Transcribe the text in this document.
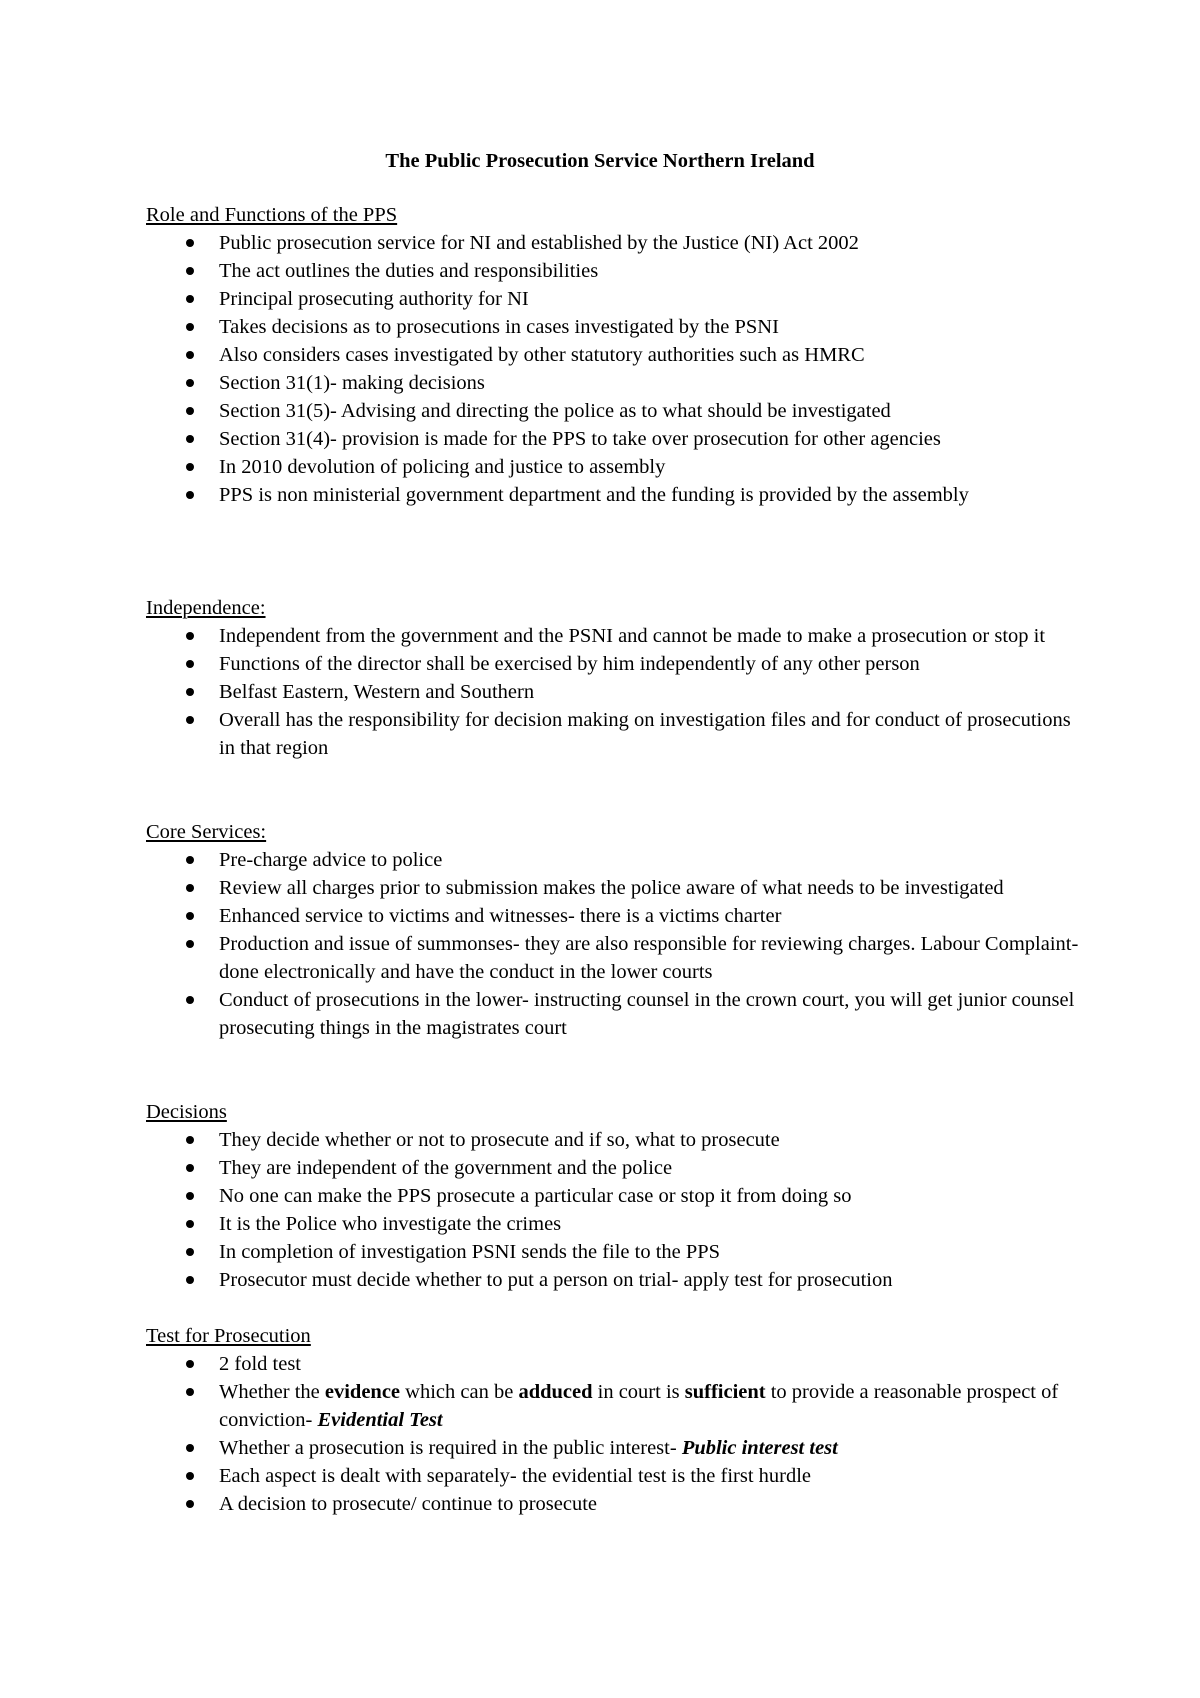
The Public Prosecution Service Northern Ireland
Role and Functions of the PPS
Public prosecution service for NI and established by the Justice (NI) Act 2002
The act outlines the duties and responsibilities
Principal prosecuting authority for NI
Takes decisions as to prosecutions in cases investigated by the PSNI
Also considers cases investigated by other statutory authorities such as HMRC
Section 31(1)- making decisions
Section 31(5)- Advising and directing the police as to what should be investigated
Section 31(4)- provision is made for the PPS to take over prosecution for other agencies
In 2010 devolution of policing and justice to assembly
PPS is non ministerial government department and the funding is provided by the assembly
Independence:
Independent from the government and the PSNI and cannot be made to make a prosecution or stop it
Functions of the director shall be exercised by him independently of any other person
Belfast Eastern, Western and Southern
Overall has the responsibility for decision making on investigation files and for conduct of prosecutions in that region
Core Services:
Pre-charge advice to police
Review all charges prior to submission makes the police aware of what needs to be investigated
Enhanced service to victims and witnesses- there is a victims charter
Production and issue of summonses- they are also responsible for reviewing charges. Labour Complaint- done electronically and have the conduct in the lower courts
Conduct of prosecutions in the lower- instructing counsel in the crown court, you will get junior counsel prosecuting things in the magistrates court
Decisions
They decide whether or not to prosecute and if so, what to prosecute
They are independent of the government and the police
No one can make the PPS prosecute a particular case or stop it from doing so
It is the Police who investigate the crimes
In completion of investigation PSNI sends the file to the PPS
Prosecutor must decide whether to put a person on trial- apply test for prosecution
Test for Prosecution
2 fold test
Whether the evidence which can be adduced in court is sufficient to provide a reasonable prospect of conviction- Evidential Test
Whether a prosecution is required in the public interest- Public interest test
Each aspect is dealt with separately- the evidential test is the first hurdle
A decision to prosecute/ continue to prosecute
